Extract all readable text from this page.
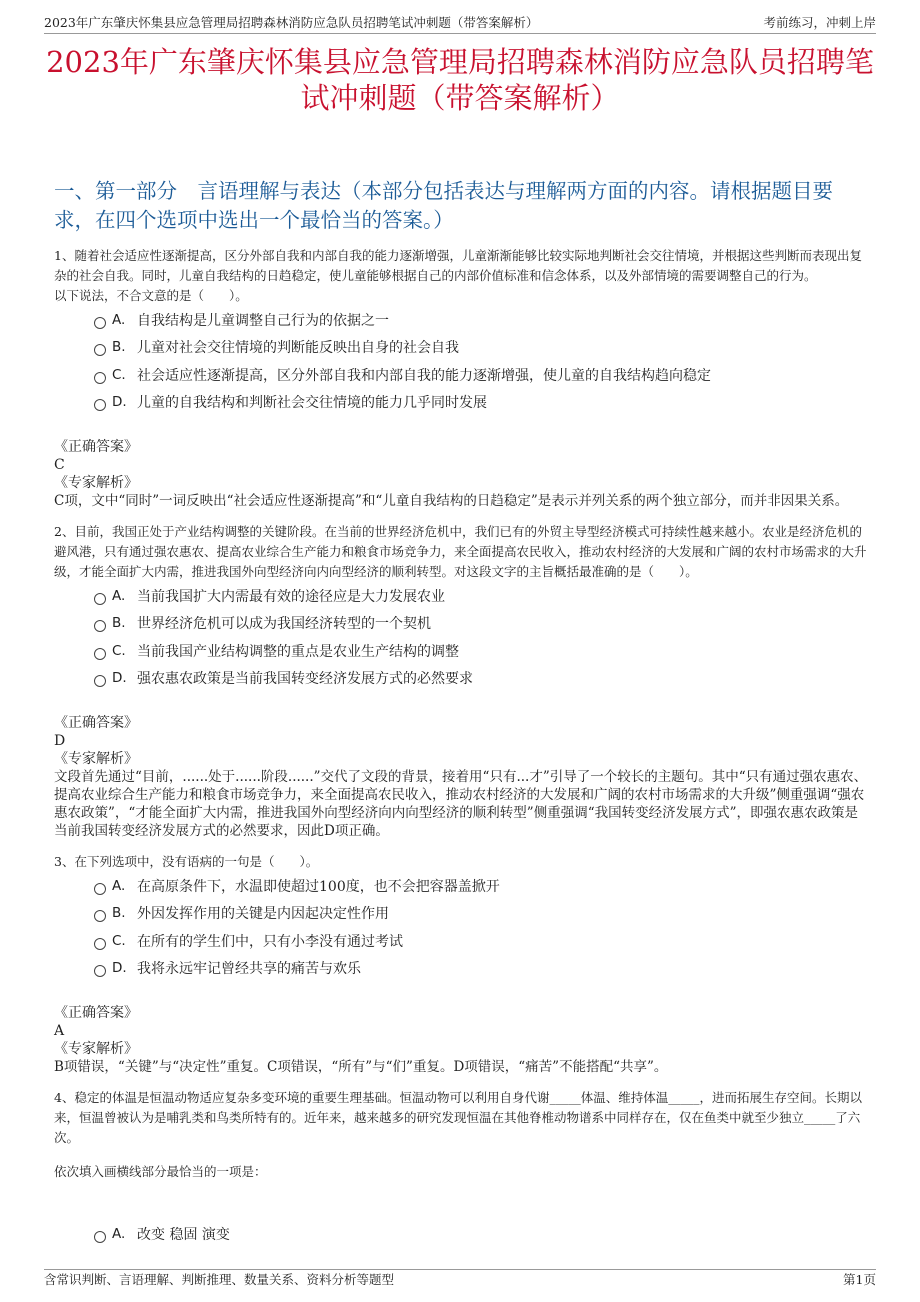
2023年广东肇庆怀集县应急管理局招聘森林消防应急队员招聘笔试冲刺题（带答案解析）	考前练习，冲刺上岸
2023年广东肇庆怀集县应急管理局招聘森林消防应急队员招聘笔试冲刺题（带答案解析）
一、第一部分　言语理解与表达（本部分包括表达与理解两方面的内容。请根据题目要求，在四个选项中选出一个最恰当的答案。）

1、随着社会适应性逐渐提高，区分外部自我和内部自我的能力逐渐增强，儿童渐渐能够比较实际地判断社会交往情境，并根据这些判断而表现出复杂的社会自我。同时，儿童自我结构的日趋稳定，使儿童能够根据自己的内部价值标准和信念体系，以及外部情境的需要调整自己的行为。

以下说法，不合文意的是（　　）。

A. 自我结构是儿童调整自己行为的依据之一
B. 儿童对社会交往情境的判断能反映出自身的社会自我
C. 社会适应性逐渐提高，区分外部自我和内部自我的能力逐渐增强，使儿童的自我结构趋向稳定
D. 儿童的自我结构和判断社会交往情境的能力几乎同时发展

《正确答案》

C

《专家解析》

C项，文中“同时”一词反映出“社会适应性逐渐提高”和“儿童自我结构的日趋稳定”是表示并列关系的两个独立部分，而并非因果关系。

2、目前，我国正处于产业结构调整的关键阶段。在当前的世界经济危机中，我们已有的外贸主导型经济模式可持续性越来越小。农业是经济危机的避风港，只有通过强农惠农、提高农业综合生产能力和粮食市场竞争力，来全面提高农民收入，推动农村经济的大发展和广阔的农村市场需求的大升级，才能全面扩大内需，推进我国外向型经济向内向型经济的顺利转型。对这段文字的主旨概括最准确的是（　　）。

A. 当前我国扩大内需最有效的途径应是大力发展农业
B. 世界经济危机可以成为我国经济转型的一个契机
C. 当前我国产业结构调整的重点是农业生产结构的调整
D. 强农惠农政策是当前我国转变经济发展方式的必然要求

《正确答案》

D

《专家解析》

文段首先通过“目前，......处于......阶段......”交代了文段的背景，接着用“只有...才”引导了一个较长的主题句。其中“只有通过强农惠农、提高农业综合生产能力和粮食市场竞争力，来全面提高农民收入，推动农村经济的大发展和广阔的农村市场需求的大升级”侧重强调“强农惠农政策”，“才能全面扩大内需，推进我国外向型经济向内向型经济的顺利转型”侧重强调“我国转变经济发展方式”，即强农惠农政策是当前我国转变经济发展方式的必然要求，因此D项正确。

3、在下列选项中，没有语病的一句是（　　）。

A. 在高原条件下，水温即使超过100度，也不会把容器盖掀开
B. 外因发挥作用的关键是内因起决定性作用
C. 在所有的学生们中，只有小李没有通过考试
D. 我将永远牢记曾经共享的痛苦与欢乐

《正确答案》

A

《专家解析》

B项错误，“关键”与“决定性”重复。C项错误，“所有”与“们”重复。D项错误，“痛苦”不能搭配“共享”。

4、稳定的体温是恒温动物适应复杂多变环境的重要生理基础。恒温动物可以利用自身代谢_____体温、维持体温_____，进而拓展生存空间。长期以来，恒温曾被认为是哺乳类和鸟类所特有的。近年来，越来越多的研究发现恒温在其他脊椎动物谱系中同样存在，仅在鱼类中就至少独立_____了六次。

依次填入画横线部分最恰当的一项是：

A. 改变 稳固 演变
含常识判断、言语理解、判断推理、数量关系、资料分析等题型	第1页
